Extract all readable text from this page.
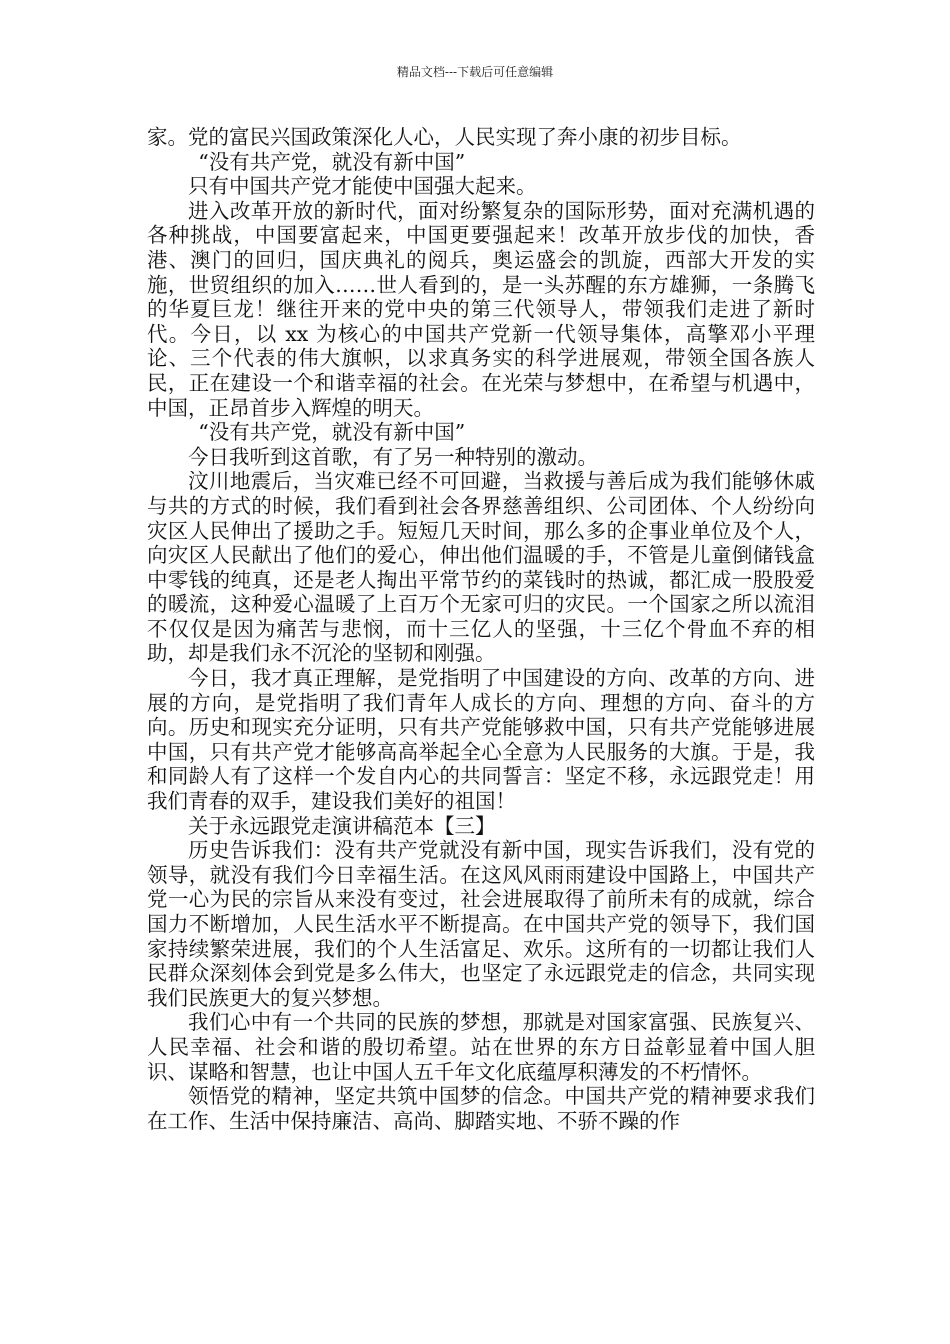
精品文档---下载后可任意编辑

家。党的富民兴国政策深化人心，人民实现了奔小康的初步目标。

“没有共产党，就没有新中国”

只有中国共产党才能使中国强大起来。

进入改革开放的新时代，面对纷繁复杂的国际形势，面对充满机遇的各种挑战，中国要富起来，中国更要强起来！改革开放步伐的加快，香港、澳门的回归，国庆典礼的阅兵，奥运盛会的凯旋，西部大开发的实施，世贸组织的加入……世人看到的，是一头苏醒的东方雄狮，一条腾飞的华夏巨龙！继往开来的党中央的第三代领导人，带领我们走进了新时代。今日，以 xx 为核心的中国共产党新一代领导集体，高擎邓小平理论、三个代表的伟大旗帜，以求真务实的科学进展观，带领全国各族人民，正在建设一个和谐幸福的社会。在光荣与梦想中，在希望与机遇中，中国，正昂首步入辉煌的明天。

“没有共产党，就没有新中国”

今日我听到这首歌，有了另一种特别的激动。

汶川地震后，当灾难已经不可回避，当救援与善后成为我们能够休戚与共的方式的时候，我们看到社会各界慈善组织、公司团体、个人纷纷向灾区人民伸出了援助之手。短短几天时间，那么多的企事业单位及个人，向灾区人民献出了他们的爱心，伸出他们温暖的手，不管是儿童倒储钱盒中零钱的纯真，还是老人掏出平常节约的菜钱时的热诚，都汇成一股股爱的暖流，这种爱心温暖了上百万个无家可归的灾民。一个国家之所以流泪不仅仅是因为痛苦与悲悯，而十三亿人的坚强，十三亿个骨血不弃的相助，却是我们永不沉沦的坚韧和刚强。

今日，我才真正理解，是党指明了中国建设的方向、改革的方向、进展的方向，是党指明了我们青年人成长的方向、理想的方向、奋斗的方向。历史和现实充分证明，只有共产党能够救中国，只有共产党能够进展中国，只有共产党才能够高高举起全心全意为人民服务的大旗。于是，我和同龄人有了这样一个发自内心的共同誓言：坚定不移，永远跟党走！用我们青春的双手，建设我们美好的祖国！

关于永远跟党走演讲稿范本【三】

历史告诉我们：没有共产党就没有新中国，现实告诉我们，没有党的领导，就没有我们今日幸福生活。在这风风雨雨建设中国路上，中国共产党一心为民的宗旨从来没有变过，社会进展取得了前所未有的成就，综合国力不断增加，人民生活水平不断提高。在中国共产党的领导下，我们国家持续繁荣进展，我们的个人生活富足、欢乐。这所有的一切都让我们人民群众深刻体会到党是多么伟大，也坚定了永远跟党走的信念，共同实现我们民族更大的复兴梦想。

我们心中有一个共同的民族的梦想，那就是对国家富强、民族复兴、人民幸福、社会和谐的殷切希望。站在世界的东方日益彰显着中国人胆识、谋略和智慧，也让中国人五千年文化底蕴厚积薄发的不朽情怀。

领悟党的精神，坚定共筑中国梦的信念。中国共产党的精神要求我们在工作、生活中保持廉洁、高尚、脚踏实地、不骄不躁的作
